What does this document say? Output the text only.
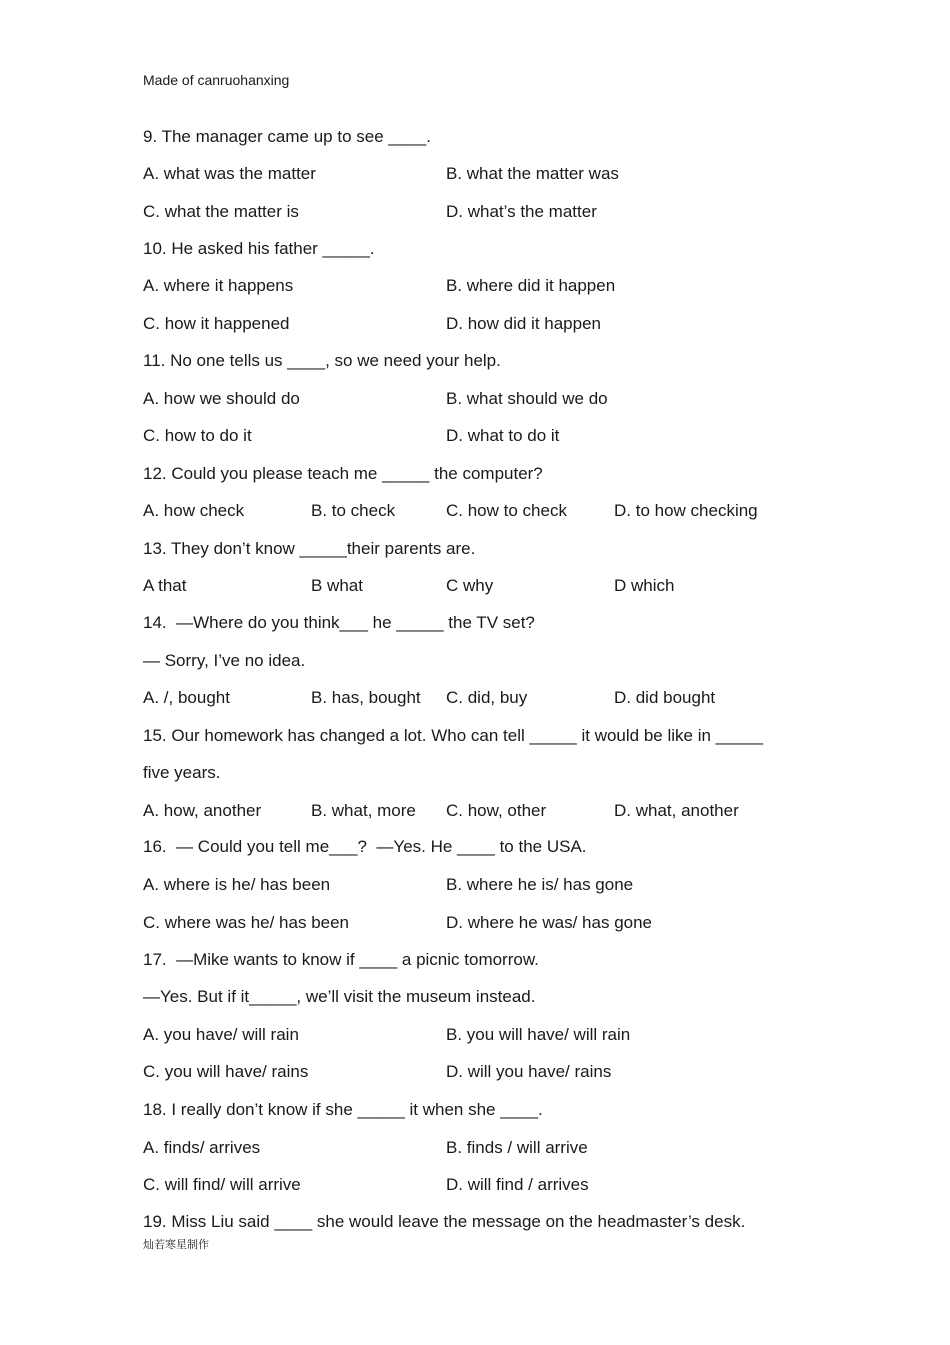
Made of canruohanxing
9. The manager came up to see ____.
A. what was the matter	B. what the matter was
C. what the matter is	D. what’s the matter
10. He asked his father _____.
A. where it happens	B. where did it happen
C. how it happened	D. how did it happen
11. No one tells us ____, so we need your help.
A. how we should do	B. what should we do
C. how to do it	D. what to do it
12. Could you please teach me _____ the computer?
A. how check	B. to check	C. how to check	D. to how checking
13. They don’t know _____their parents are.
A that	B what	C why	D which
14.  —Where do you think___ he _____ the TV set?
— Sorry, I’ve no idea.
A. /, bought	B. has, bought C. did, buy	D. did bought
15. Our homework has changed a lot. Who can tell _____ it would be like in _____
five years.
A. how, another	B. what, more C. how, other	D. what, another
16.  — Could you tell me___?  —Yes. He ____ to the USA.
A. where is he/ has been	B. where he is/ has gone
C. where was he/ has been	D. where he was/ has gone
17.  —Mike wants to know if ____ a picnic tomorrow.
—Yes. But if it_____, we’ll visit the museum instead.
A. you have/ will rain	B. you will have/ will rain
C. you will have/ rains	D. will you have/ rains
18. I really don’t know if she _____ it when she ____.
A. finds/ arrives	B. finds / will arrive
C. will find/ will arrive	D. will find / arrives
19. Miss Liu said ____ she would leave the message on the headmaster’s desk.
灿若寒星制作
